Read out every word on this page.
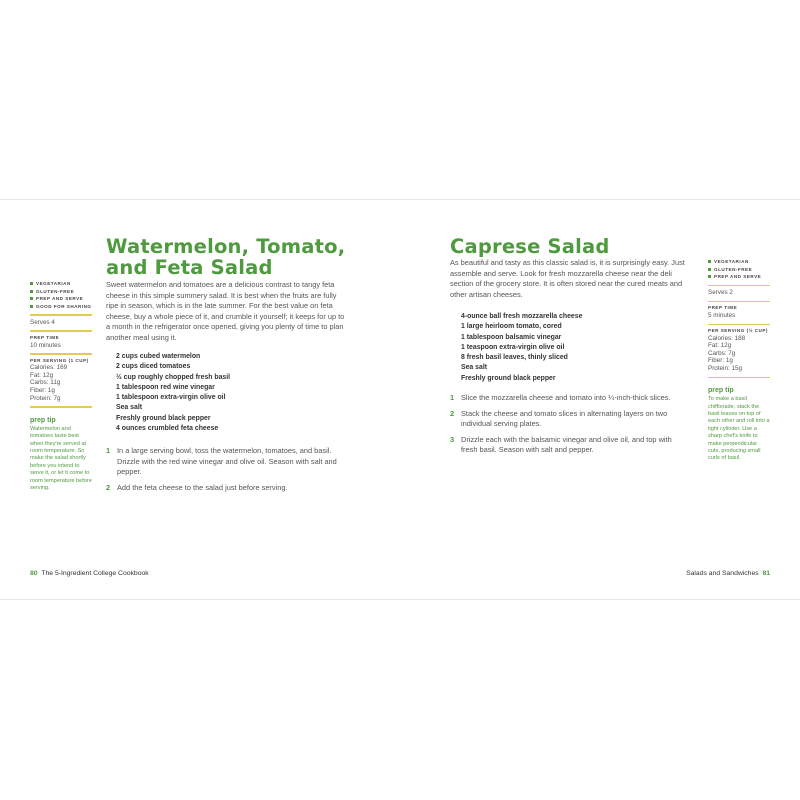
Watermelon, Tomato, and Feta Salad
VEGETARIAN
GLUTEN-FREE
PREP AND SERVE
GOOD FOR SHARING
Serves 4
PREP TIME
10 minutes
PER SERVING (1 CUP)
Calories: 169
Fat: 12g
Carbs: 11g
Fiber: 1g
Protein: 7g
prep tip
Watermelon and tomatoes taste best when they're served at room temperature. So make the salad shortly before you intend to serve it, or let it come to room temperature before serving.

Sweet watermelon and tomatoes are a delicious contrast to tangy feta cheese in this simple summery salad. It is best when the fruits are fully ripe in season, which is in the late summer. For the best value on feta cheese, buy a whole piece of it, and crumble it yourself; it keeps for up to a month in the refrigerator once opened, giving you plenty of time to plan another meal using it.

2 cups cubed watermelon
2 cups diced tomatoes
½ cup roughly chopped fresh basil
1 tablespoon red wine vinegar
1 tablespoon extra-virgin olive oil
Sea salt
Freshly ground black pepper
4 ounces crumbled feta cheese
1 In a large serving bowl, toss the watermelon, tomatoes, and basil. Drizzle with the red wine vinegar and olive oil. Season with salt and pepper.
2 Add the feta cheese to the salad just before serving.
80 The 5-Ingredient College Cookbook
Caprese Salad

As beautiful and tasty as this classic salad is, it is surprisingly easy. Just assemble and serve. Look for fresh mozzarella cheese near the deli section of the grocery store. It is often stored near the cured meats and other artisan cheeses.

4-ounce ball fresh mozzarella cheese
1 large heirloom tomato, cored
1 tablespoon balsamic vinegar
1 teaspoon extra-virgin olive oil
8 fresh basil leaves, thinly sliced
Sea salt
Freshly ground black pepper
1 Slice the mozzarella cheese and tomato into ¼-inch-thick slices.
2 Stack the cheese and tomato slices in alternating layers on two individual serving plates.
3 Drizzle each with the balsamic vinegar and olive oil, and top with fresh basil. Season with salt and pepper.
VEGETARIAN
GLUTEN-FREE
PREP AND SERVE
Serves 2
PREP TIME
5 minutes
PER SERVING (½ CUP)
Calories: 188
Fat: 12g
Carbs: 7g
Fiber: 1g
Protein: 15g
prep tip
To make a basil chiffonade, stack the basil leaves on top of each other and roll into a tight cylinder. Use a sharp chef's knife to make perpendicular cuts, producing small curls of basil.
Salads and Sandwiches 81
